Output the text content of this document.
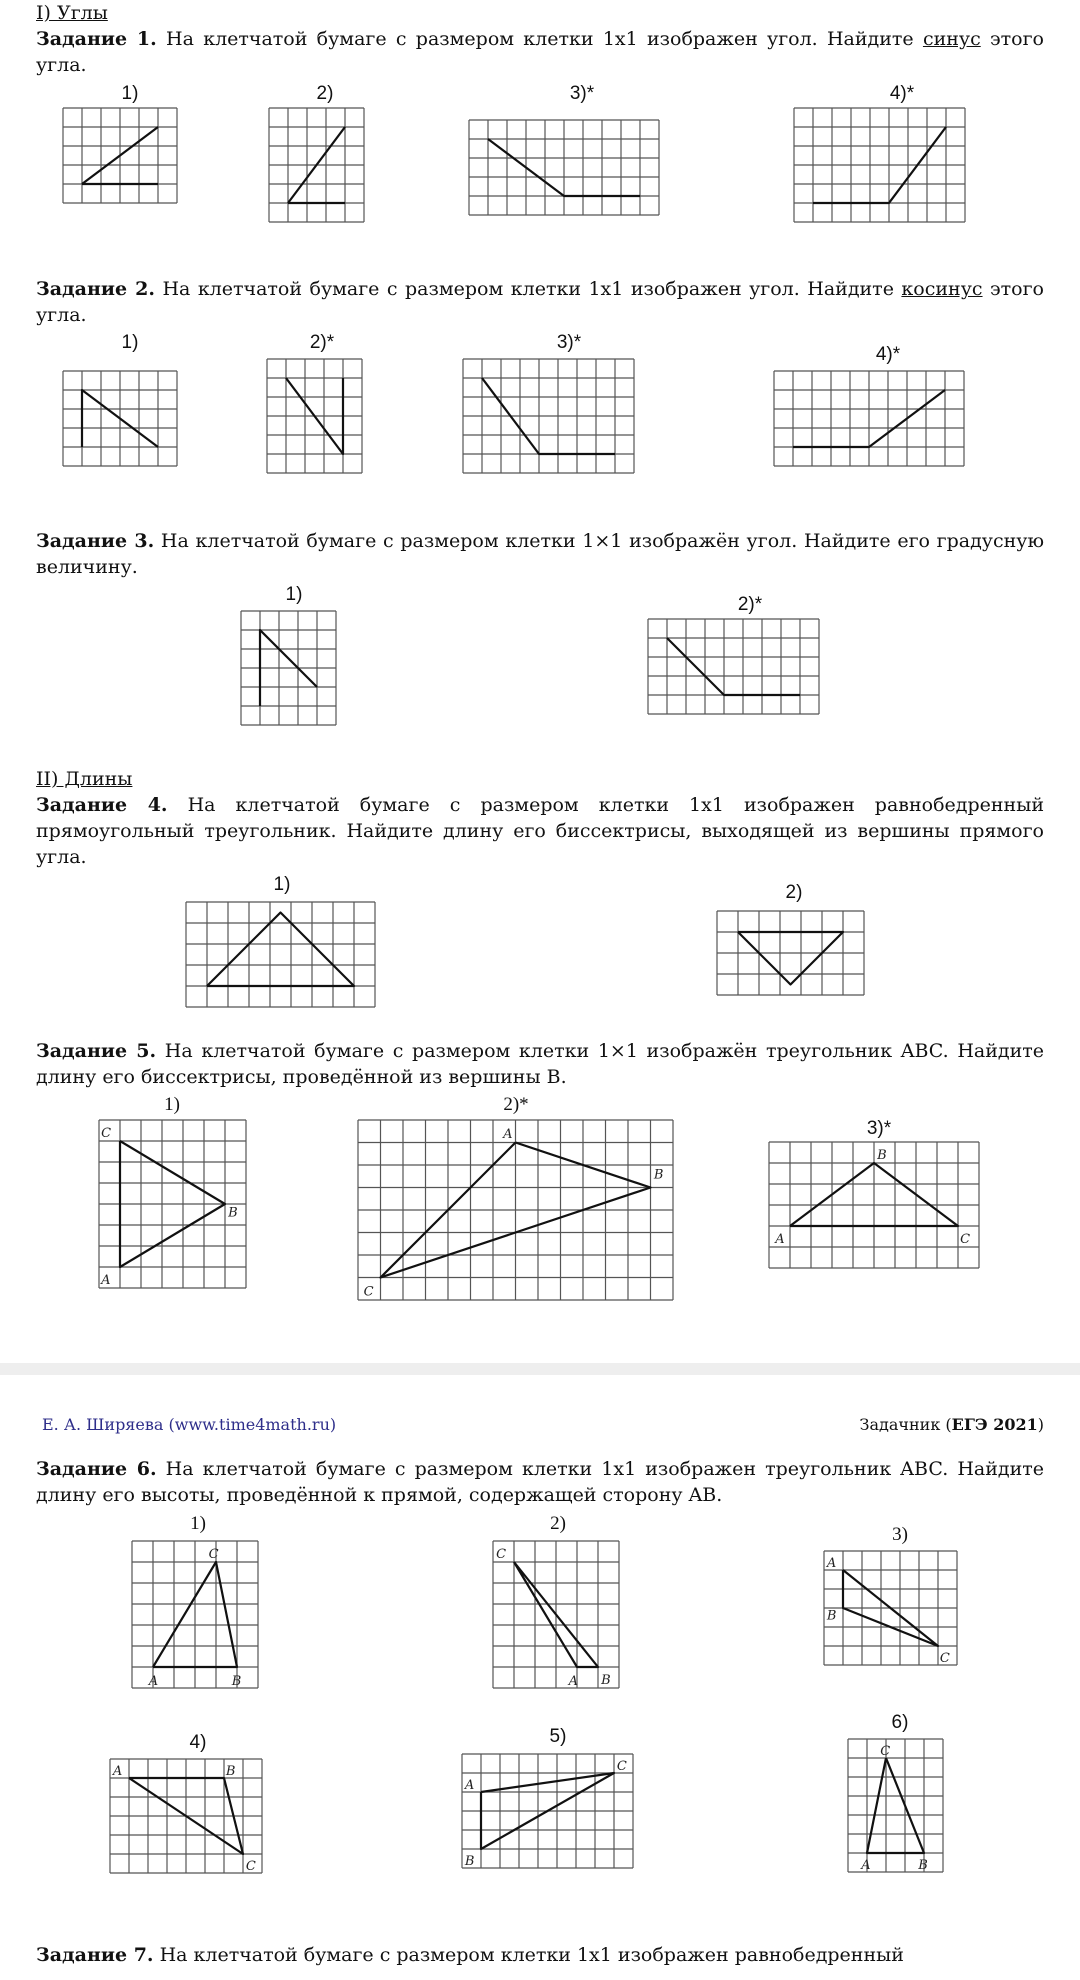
I) Углы
Задание 1. На клетчатой бумаге с размером клетки 1x1 изображен угол. Найдите синус этого угла.
1)	2)	3)*	4)*
Задание 2. На клетчатой бумаге с размером клетки 1x1 изображен угол. Найдите косинус этого угла.
1)	2)*	3)*
4)*
Задание 3. На клетчатой бумаге с размером клетки 1×1 изображён угол. Найдите его градусную величину.
1)	2)*
II) Длины
Задание 4. На клетчатой бумаге с размером клетки 1x1 изображен равнобедренный прямоугольный треугольник. Найдите длину его биссектрисы, выходящей из вершины прямого угла.
1)	2)
Задание 5. На клетчатой бумаге с размером клетки 1×1 изображён треугольник ABC. Найдите длину его биссектрисы, проведённой из вершины B.
1)
C
B
A
2)*
A
B
C
3)*
B
A	C
Е. А. Ширяева (www.time4math.ru)	Задачник (ЕГЭ 2021)
Задание 6. На клетчатой бумаге с размером клетки 1x1 изображен треугольник ABC. Найдите длину его высоты, проведённой к прямой, содержащей сторону AB.
1)
C
A	B
2)
C
A B
3)
A
B
C
4)
A	B
C
5)
A
C
B
6)
C
A	B
Задание 7. На клетчатой бумаге с размером клетки 1x1 изображен равнобедренный
